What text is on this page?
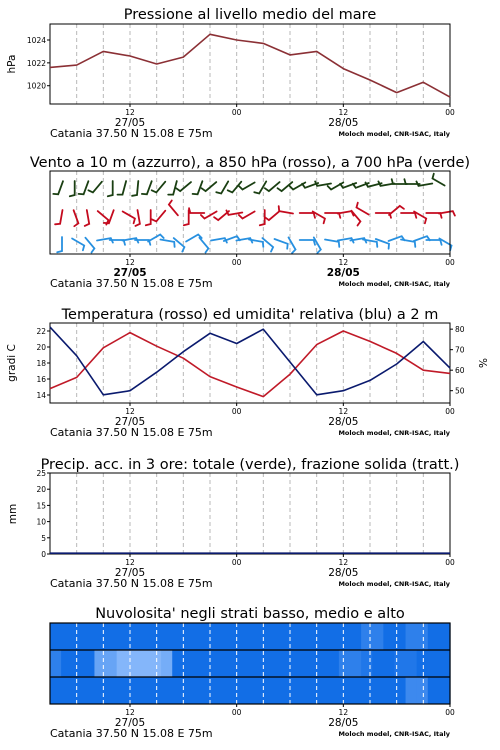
Pressione al livello medio del mare
1020
1022
1024
hPa
12	00	12	00
27/05	28/05
Catania 37.50 N 15.08 E 75m	Moloch model, CNR-ISAC, Italy
Vento a 10 m (azzurro), a 850 hPa (rosso), a 700 hPa (verde)
12	00	12	00
27/05	28/05
Catania 37.50 N 15.08 E 75m	Moloch model, CNR-ISAC, Italy
Temperatura (rosso) ed umidita' relativa (blu) a 2 m
14
16
18
20
22
50
60
70
80
gradi C	%
12	00	12	00
27/05	28/05
Catania 37.50 N 15.08 E 75m	Moloch model, CNR-ISAC, Italy
Precip. acc. in 3 ore: totale (verde), frazione solida (tratt.)
0
5
10
15
20
25
mm
12	00	12	00
27/05	28/05
Catania 37.50 N 15.08 E 75m	Moloch model, CNR-ISAC, Italy
Nuvolosita' negli strati basso, medio e alto
12	00	12	00
27/05	28/05
Catania 37.50 N 15.08 E 75m	Moloch model, CNR-ISAC, Italy
